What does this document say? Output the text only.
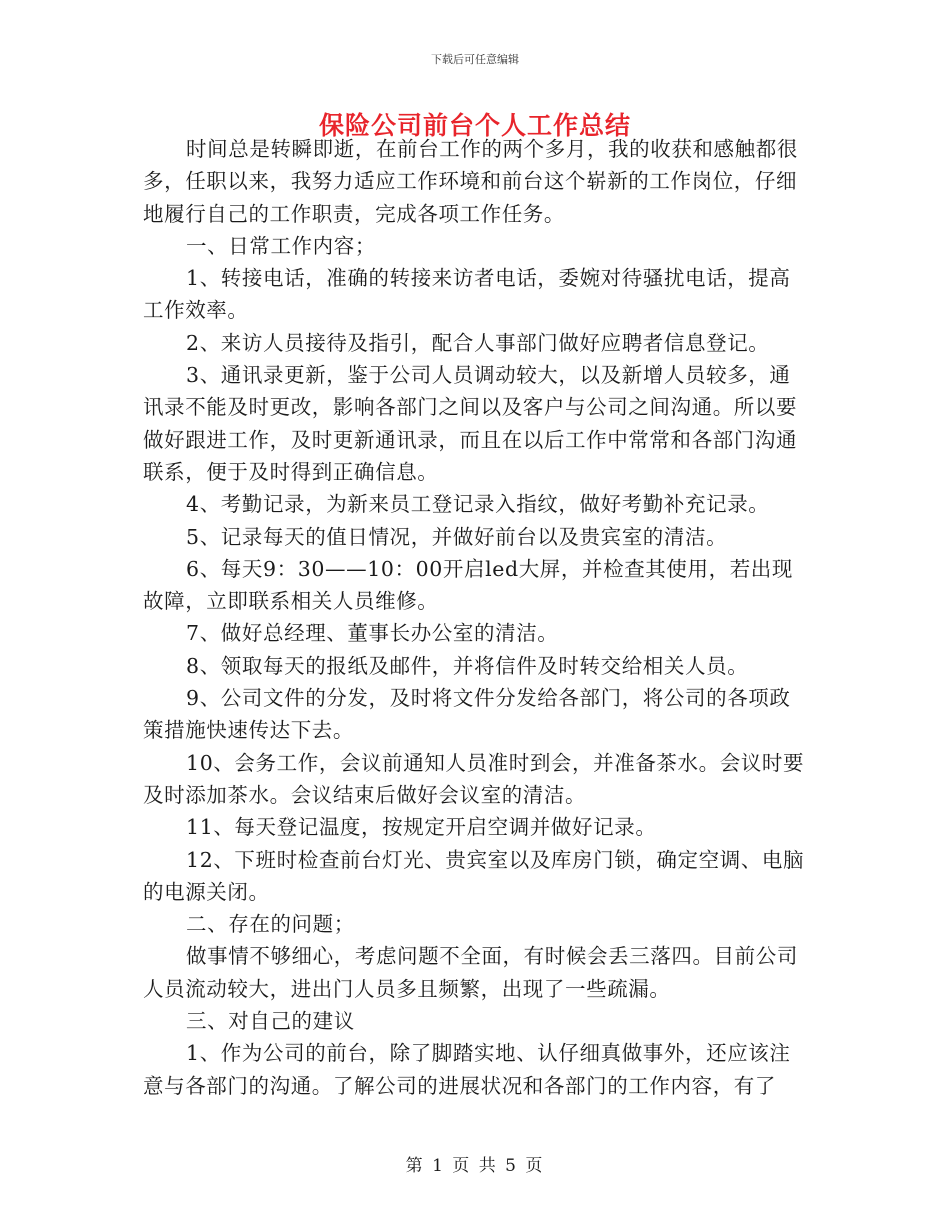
下载后可任意编辑
保险公司前台个人工作总结

时间总是转瞬即逝，在前台工作的两个多月，我的收获和感触都很多，任职以来，我努力适应工作环境和前台这个崭新的工作岗位，仔细地履行自己的工作职责，完成各项工作任务。

一、日常工作内容；

1、转接电话，准确的转接来访者电话，委婉对待骚扰电话，提高工作效率。

2、来访人员接待及指引，配合人事部门做好应聘者信息登记。

3、通讯录更新，鉴于公司人员调动较大，以及新增人员较多，通讯录不能及时更改，影响各部门之间以及客户与公司之间沟通。所以要做好跟进工作，及时更新通讯录，而且在以后工作中常常和各部门沟通联系，便于及时得到正确信息。

4、考勤记录，为新来员工登记录入指纹，做好考勤补充记录。

5、记录每天的值日情况，并做好前台以及贵宾室的清洁。

6、每天9：30——10：00开启led大屏，并检查其使用，若出现故障，立即联系相关人员维修。

7、做好总经理、董事长办公室的清洁。

8、领取每天的报纸及邮件，并将信件及时转交给相关人员。

9、公司文件的分发，及时将文件分发给各部门，将公司的各项政策措施快速传达下去。

10、会务工作，会议前通知人员准时到会，并准备茶水。会议时要及时添加茶水。会议结束后做好会议室的清洁。

11、每天登记温度，按规定开启空调并做好记录。

12、下班时检查前台灯光、贵宾室以及库房门锁，确定空调、电脑的电源关闭。

二、存在的问题；

做事情不够细心，考虑问题不全面，有时候会丢三落四。目前公司人员流动较大，进出门人员多且频繁，出现了一些疏漏。

三、对自己的建议

1、作为公司的前台，除了脚踏实地、认仔细真做事外，还应该注意与各部门的沟通。了解公司的进展状况和各部门的工作内容，有了

第 1 页 共 5 页
